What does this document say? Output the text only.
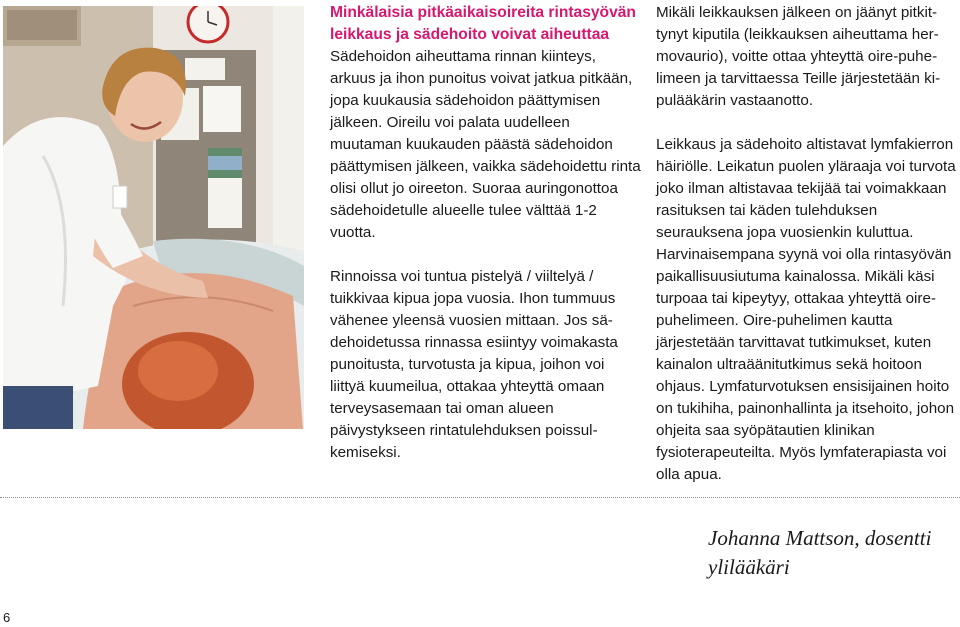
Minkälaisia pitkäaikaisoireita rintasyövän leikkaus ja sädehoito voivat aiheuttaa

Sädehoidon aiheuttama rinnan kiinteys, arkuus ja ihon punoitus voivat jatkua pitkään, jopa kuukausia sädehoidon päättymisen jälkeen. Oireilu voi palata uudelleen muutaman kuukauden päästä sädehoidon päättymisen jälkeen, vaikka sädehoidettu rinta olisi ollut jo oireeton. Suoraa auringonottoa sädehoidetulle alueelle tulee välttää 1-2 vuotta.

Rinnoissa voi tuntua pistelyä / viiltelyä / tuikkivaa kipua jopa vuosia. Ihon tummuus vähenee yleensä vuosien mittaan. Jos sädehoidetussa rinnassa esiintyy voimakasta punoitusta, turvotusta ja kipua, joihon voi liittyä kuumeilua, ottakaa yhteyttä omaan terveysasemaan tai oman alueen päivystykseen rintatulehduksen poissulkemiseksi.

Mikäli leikkauksen jälkeen on jäänyt pitkittynyt kiputila (leikkauksen aiheuttama hermovaurio), voitte ottaa yhteyttä oire-puhelimeen ja tarvittaessa Teille järjestetään kipulääkärin vastaanotto.

Leikkaus ja sädehoito altistavat lymfakierron häiriölle. Leikatun puolen yläraaja voi turvota joko ilman altistavaa tekijää tai voimakkaan rasituksen tai käden tulehduksen seurauksena jopa vuosienkin kuluttua. Harvinaisempana syynä voi olla rintasyövän paikallisuusiutuma kainalossa. Mikäli käsi turpoaa tai kipeytyy, ottakaa yhteyttä oire-puhelimeen. Oire-puhelimen kautta järjestetään tarvittavat tutkimukset, kuten kainalon ultraäänitutkimus sekä hoitoon ohjaus. Lymfaturvotuksen ensisijainen hoito on tukihiha, painonhallinta ja itsehoito, johon ohjeita saa syöpätautien klinikan fysioterapeuteilta. Myös lymfaterapiasta voi olla apua.

Johanna Mattson, dosentti
ylilääkäri
6
